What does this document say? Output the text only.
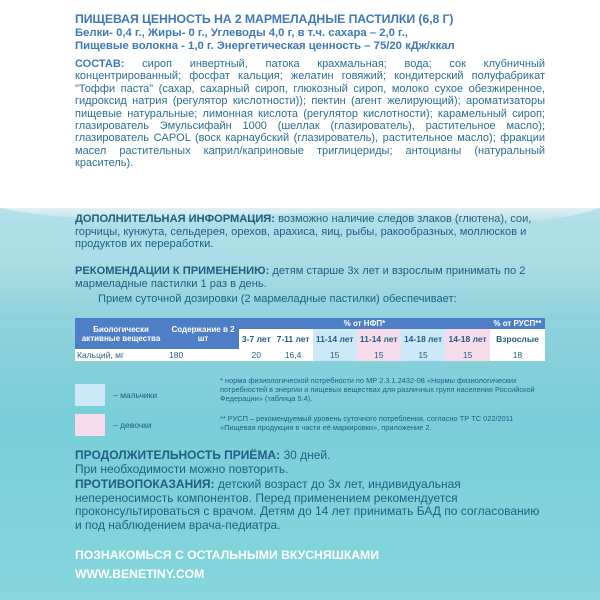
ПИЩЕВАЯ ЦЕННОСТЬ НА 2 МАРМЕЛАДНЫЕ ПАСТИЛКИ (6,8 Г)
Белки- 0,4 г., Жиры- 0 г., Углеводы 4,0 г, в т.ч. сахара – 2,0 г.,
Пищевые волокна - 1,0 г. Энергетическая ценность – 75/20 кДж/ккал
СОСТАВ: сироп инвертный, патока крахмальная; вода; сок клубничный концентрированный; фосфат кальция; желатин говяжий; кондитерский полуфабрикат "Тоффи паста" (сахар, сахарный сироп, глюкозный сироп, молоко сухое обезжиренное, гидроксид натрия (регулятор кислотности)); пектин (агент желирующий); ароматизаторы пищевые натуральные; лимонная кислота (регулятор кислотности); карамельный сироп; глазирователь Эмульсифайн 1000 (шеллак (глазирователь), растительное масло); глазирователь CAPOL (воск карнаубский (глазирователь), растительное масло); фракции масел растительных каприл/каприновые триглицериды; антоцианы (натуральный краситель).
ДОПОЛНИТЕЛЬНАЯ ИНФОРМАЦИЯ: возможно наличие следов злаков (глютена), сои, горчицы, кунжута, сельдерея, орехов, арахиса, яиц, рыбы, ракообразных, моллюсков и продуктов их переработки.
РЕКОМЕНДАЦИИ К ПРИМЕНЕНИЮ: детям старше 3х лет и взрослым принимать по 2 мармеладные пастилки 1 раз в день.
Прием суточной дозировки (2 мармеладные пастилки) обеспечивает:
Биологически активные вещества	Содержание в 2 шт	% от НФП*						% от РУСП**
		3-7 лет	7-11 лет	11-14 лет	11-14 лет	14-18 лет	14-18 лет	Взрослые
Кальций, мг	180	20	16,4	15	15	15	15	18
– мальчики
* норма физиологической потребности по МР 2.3.1.2432-08 «Нормы физиологических потребностей в энергии и пищевых веществах для различных групп населения Российской Федерации» (таблица 5.4).
– девочки
** РУСП – рекомендуемый уровень суточного потребления, согласно ТР ТС 022/2011 «Пищевая продукция в части её маркировки», приложение 2.
ПРОДОЛЖИТЕЛЬНОСТЬ ПРИЁМА: 30 дней.
При необходимости можно повторить.
ПРОТИВОПОКАЗАНИЯ: детский возраст до 3х лет, индивидуальная непереносимость компонентов. Перед применением рекомендуется проконсультироваться с врачом. Детям до 14 лет принимать БАД по согласованию и под наблюдением врача-педиатра.
ПОЗНАКОМЬСЯ С ОСТАЛЬНЫМИ ВКУСНЯШКАМИ
WWW.BENETINY.COM
